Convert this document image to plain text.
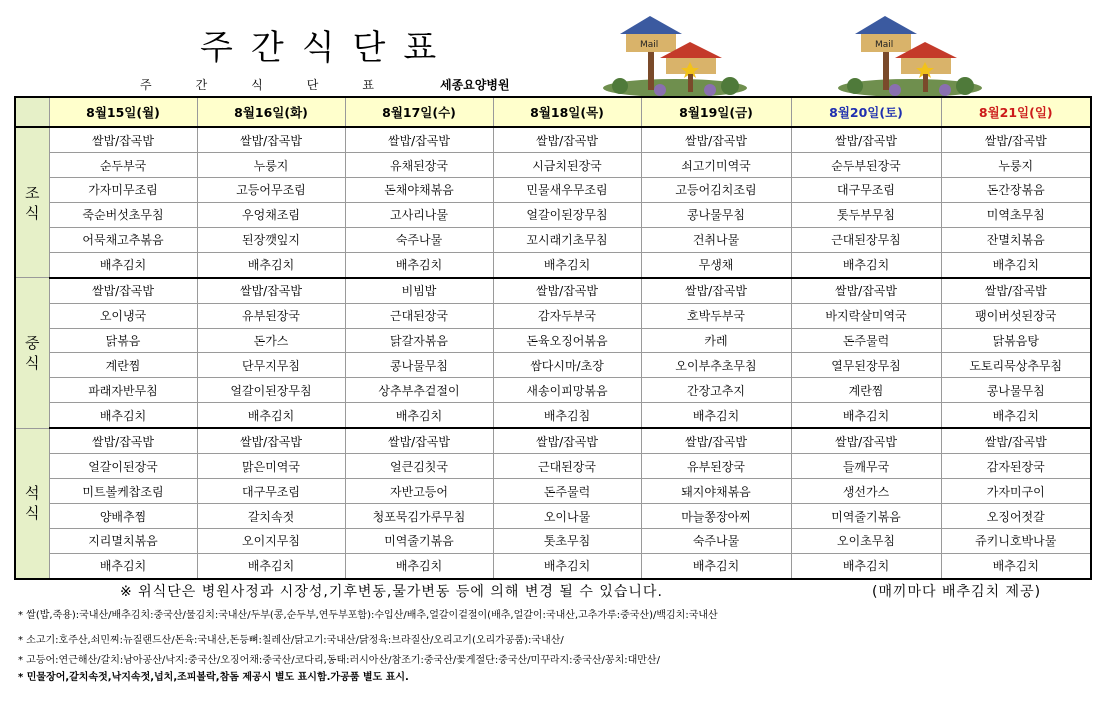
주간식단표
주간식단표 세종요양병원
Mail	Mail
	8월15일(월)	8월16일(화)	8월17일(수)	8월18일(목)	8월19일(금)	8월20일(토)	8월21일(일)
조
식	쌀밥/잡곡밥	쌀밥/잡곡밥	쌀밥/잡곡밥	쌀밥/잡곡밥	쌀밥/잡곡밥	쌀밥/잡곡밥	쌀밥/잡곡밥
	순두부국	누룽지	유채된장국	시금치된장국	쇠고기미역국	순두부된장국	누룽지
	가자미무조림	고등어무조림	돈채야채볶음	민물새우무조림	고등어김치조림	대구무조림	돈간장볶음
	죽순버섯초무침	우엉채조림	고사리나물	얼갈이된장무침	콩나물무침	톳두부무침	미역초무침
	어묵채고추볶음	된장깻잎지	숙주나물	꼬시래기초무침	건취나물	근대된장무침	잔멸치볶음
	배추김치	배추김치	배추김치	배추김치	무생채	배추김치	배추김치
중
식	쌀밥/잡곡밥	쌀밥/잡곡밥	비빔밥	쌀밥/잡곡밥	쌀밥/잡곡밥	쌀밥/잡곡밥	쌀밥/잡곡밥
	오이냉국	유부된장국	근대된장국	감자두부국	호박두부국	바지락살미역국	팽이버섯된장국
	닭볶음	돈가스	닭갈자볶음	돈육오징어볶음	카레	돈주물럭	닭볶음탕
	계란찜	단무지무침	콩나물무침	쌈다시마/초장	오이부추초무침	열무된장무침	도토리묵상추무침
	파래자반무침	얼갈이된장무침	상추부추겉절이	새송이피망볶음	간장고추지	계란찜	콩나물무침
	배추김치	배추김치	배추김치	배추김침	배추김치	배추김치	배추김치
석
식	쌀밥/잡곡밥	쌀밥/잡곡밥	쌀밥/잡곡밥	쌀밥/잡곡밥	쌀밥/잡곡밥	쌀밥/잡곡밥	쌀밥/잡곡밥
	얼갈이된장국	맑은미역국	얼큰김칫국	근대된장국	유부된장국	들깨무국	감자된장국
	미트볼케찹조림	대구무조림	자반고등어	돈주물럭	돼지야채볶음	생선가스	가자미구이
	양배추찜	갈치속젓	청포묵김가루무침	오이나물	마늘쫑장아찌	미역줄기볶음	오징어젓갈
	지리멸치볶음	오이지무침	미역줄기볶음	톳초무침	숙주나물	오이초무침	쥬키니호박나물
	배추김치	배추김치	배추김치	배추김치	배추김치	배추김치	배추김치
※ 위식단은 병원사정과 시장성,기후변동,물가변동 등에 의해 변경 될 수 있습니다.	(매끼마다 배추김치 제공)
* 쌀(밥,죽용):국내산/배추김치:중국산/물김치:국내산/두부(콩,순두부,연두부포함):수입산/배추,얼갈이겉절이(배추,얼갈이:국내산,고추가루:중국산)/백김치:국내산
* 소고기:호주산,쇠민찌:뉴질랜드산/돈육:국내산,돈등뼈:칠레산/닭고기:국내산/닭정육:브라질산/오리고기(오리가공품):국내산/
* 고등어:연근해산/갈치:남아공산/낙지:중국산/오징어채:중국산/코다리,동태:러시아산/참조기:중국산/꽃게절단:중국산/미꾸라지:중국산/꽁치:대만산/
* 민물장어,갈치속젓,낙지속젓,넙치,조피볼락,참돔 제공시 별도 표시함.가공품 별도 표시.
